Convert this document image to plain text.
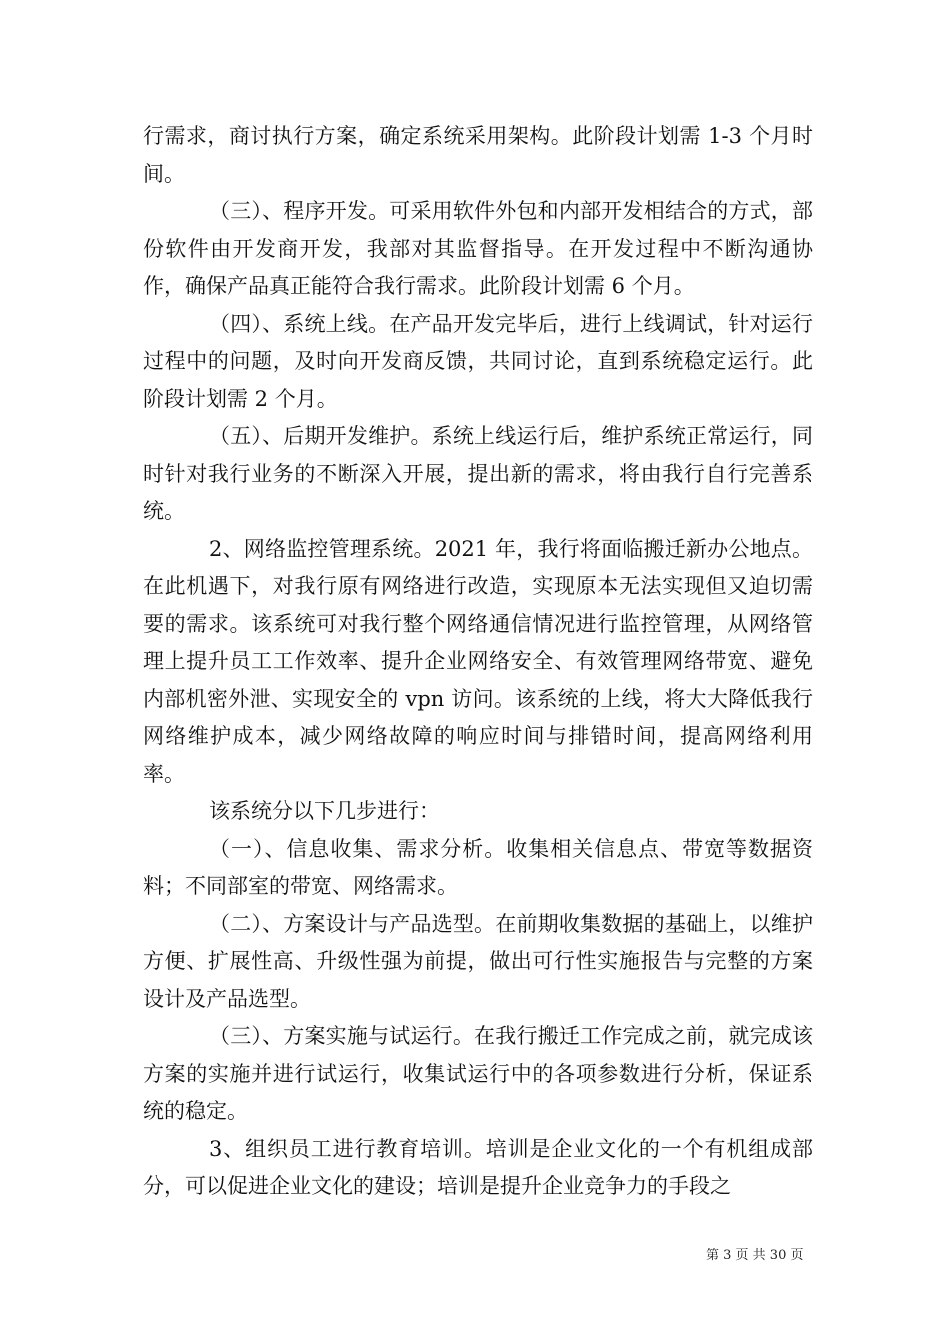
行需求，商讨执行方案，确定系统采用架构。此阶段计划需 1-3 个月时间。

（三）、程序开发。可采用软件外包和内部开发相结合的方式，部份软件由开发商开发，我部对其监督指导。在开发过程中不断沟通协作，确保产品真正能符合我行需求。此阶段计划需 6 个月。

（四）、系统上线。在产品开发完毕后，进行上线调试，针对运行过程中的问题，及时向开发商反馈，共同讨论，直到系统稳定运行。此阶段计划需 2 个月。

（五）、后期开发维护。系统上线运行后，维护系统正常运行，同时针对我行业务的不断深入开展，提出新的需求，将由我行自行完善系统。

2、网络监控管理系统。2021 年，我行将面临搬迁新办公地点。在此机遇下，对我行原有网络进行改造，实现原本无法实现但又迫切需要的需求。该系统可对我行整个网络通信情况进行监控管理，从网络管理上提升员工工作效率、提升企业网络安全、有效管理网络带宽、避免内部机密外泄、实现安全的 vpn 访问。该系统的上线，将大大降低我行网络维护成本，减少网络故障的响应时间与排错时间，提高网络利用率。

该系统分以下几步进行：

（一）、信息收集、需求分析。收集相关信息点、带宽等数据资料；不同部室的带宽、网络需求。

（二）、方案设计与产品选型。在前期收集数据的基础上，以维护方便、扩展性高、升级性强为前提，做出可行性实施报告与完整的方案设计及产品选型。

（三）、方案实施与试运行。在我行搬迁工作完成之前，就完成该方案的实施并进行试运行，收集试运行中的各项参数进行分析，保证系统的稳定。

3、组织员工进行教育培训。培训是企业文化的一个有机组成部分，可以促进企业文化的建设；培训是提升企业竞争力的手段之

第 3 页 共 30 页
